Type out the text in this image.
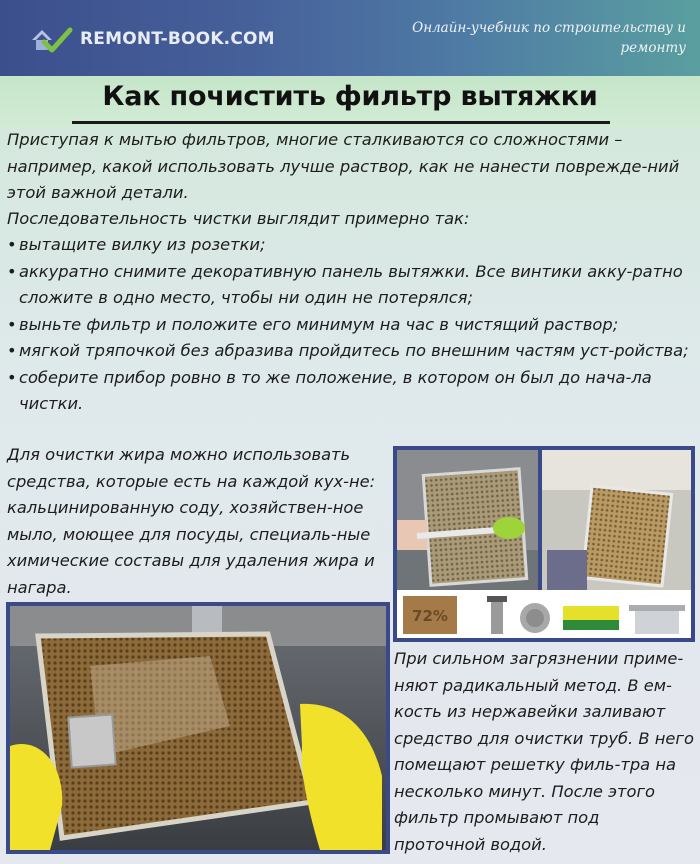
REMONT-BOOK.COM
Онлайн-учебник по строительству и ремонту
Как почистить фильтр вытяжки

Приступая к мытью фильтров, многие сталкиваются со сложностями – например, какой использовать лучше раствор, как не нанести поврежде-ний этой важной детали.

Последовательность чистки выглядит примерно так:

• вытащите вилку из розетки;
• аккуратно снимите декоративную панель вытяжки. Все винтики акку-ратно сложите в одно место, чтобы ни один не потерялся;
• выньте фильтр и положите его минимум на час в чистящий раствор;
• мягкой тряпочкой без абразива пройдитесь по внешним частям уст-ройства;
• соберите прибор ровно в то же положение, в котором он был до нача-ла чистки.

Для очистки жира можно использовать средства, которые есть на каждой кух-не: кальцинированную соду, хозяйствен-ное мыло, моющее для посуды, специаль-ные химические составы для удаления жира и нагара.

72%

При сильном загрязнении приме-няют радикальный метод. В ем-кость из нержавейки заливают средство для очистки труб. В него помещают решетку филь-тра на несколько минут. После этого фильтр промывают под проточной водой.
